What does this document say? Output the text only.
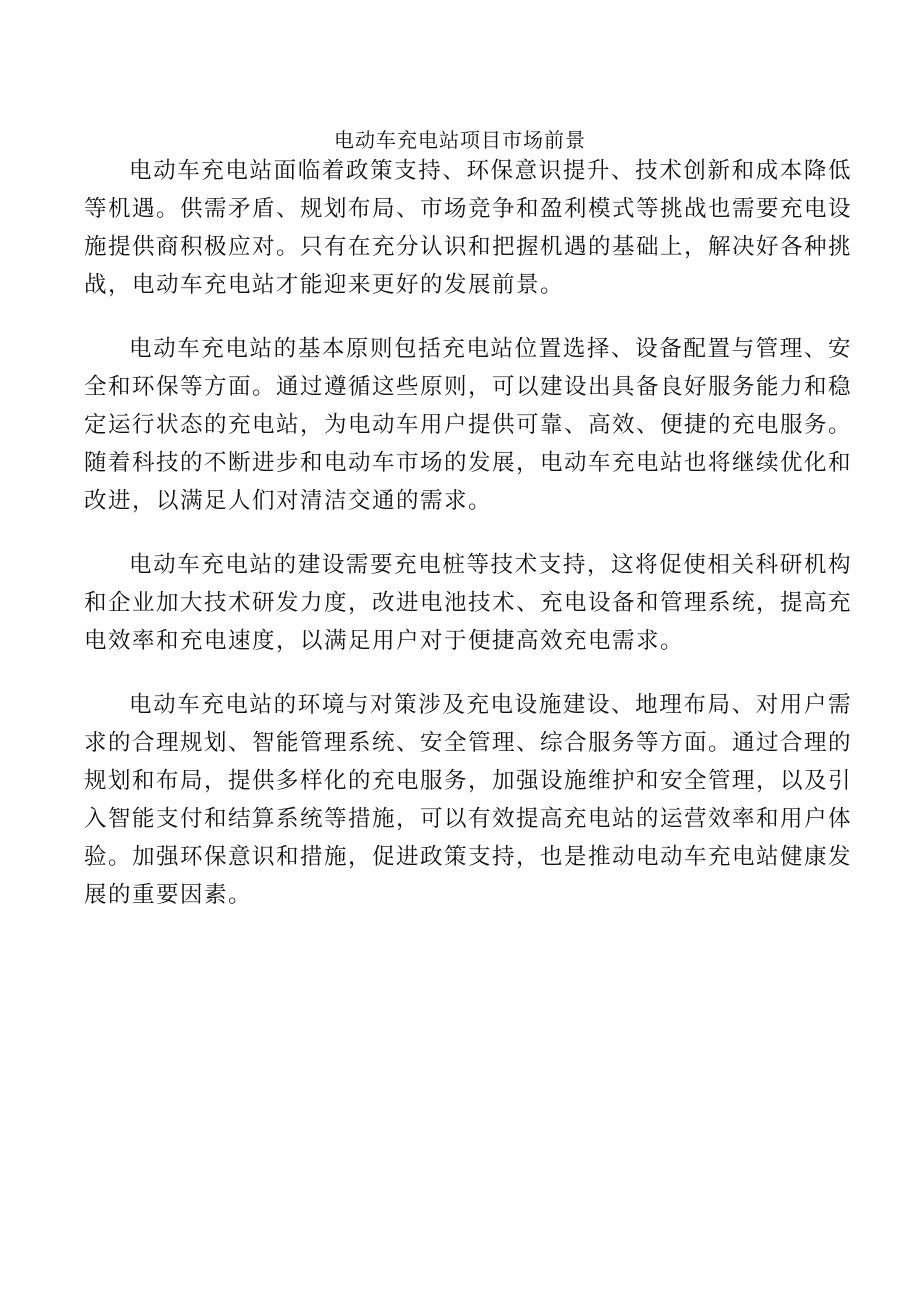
电动车充电站项目市场前景

电动车充电站面临着政策支持、环保意识提升、技术创新和成本降低等机遇。供需矛盾、规划布局、市场竞争和盈利模式等挑战也需要充电设施提供商积极应对。只有在充分认识和把握机遇的基础上，解决好各种挑战，电动车充电站才能迎来更好的发展前景。

电动车充电站的基本原则包括充电站位置选择、设备配置与管理、安全和环保等方面。通过遵循这些原则，可以建设出具备良好服务能力和稳定运行状态的充电站，为电动车用户提供可靠、高效、便捷的充电服务。随着科技的不断进步和电动车市场的发展，电动车充电站也将继续优化和改进，以满足人们对清洁交通的需求。

电动车充电站的建设需要充电桩等技术支持，这将促使相关科研机构和企业加大技术研发力度，改进电池技术、充电设备和管理系统，提高充电效率和充电速度，以满足用户对于便捷高效充电需求。

电动车充电站的环境与对策涉及充电设施建设、地理布局、对用户需求的合理规划、智能管理系统、安全管理、综合服务等方面。通过合理的规划和布局，提供多样化的充电服务，加强设施维护和安全管理，以及引入智能支付和结算系统等措施，可以有效提高充电站的运营效率和用户体验。加强环保意识和措施，促进政策支持，也是推动电动车充电站健康发展的重要因素。
